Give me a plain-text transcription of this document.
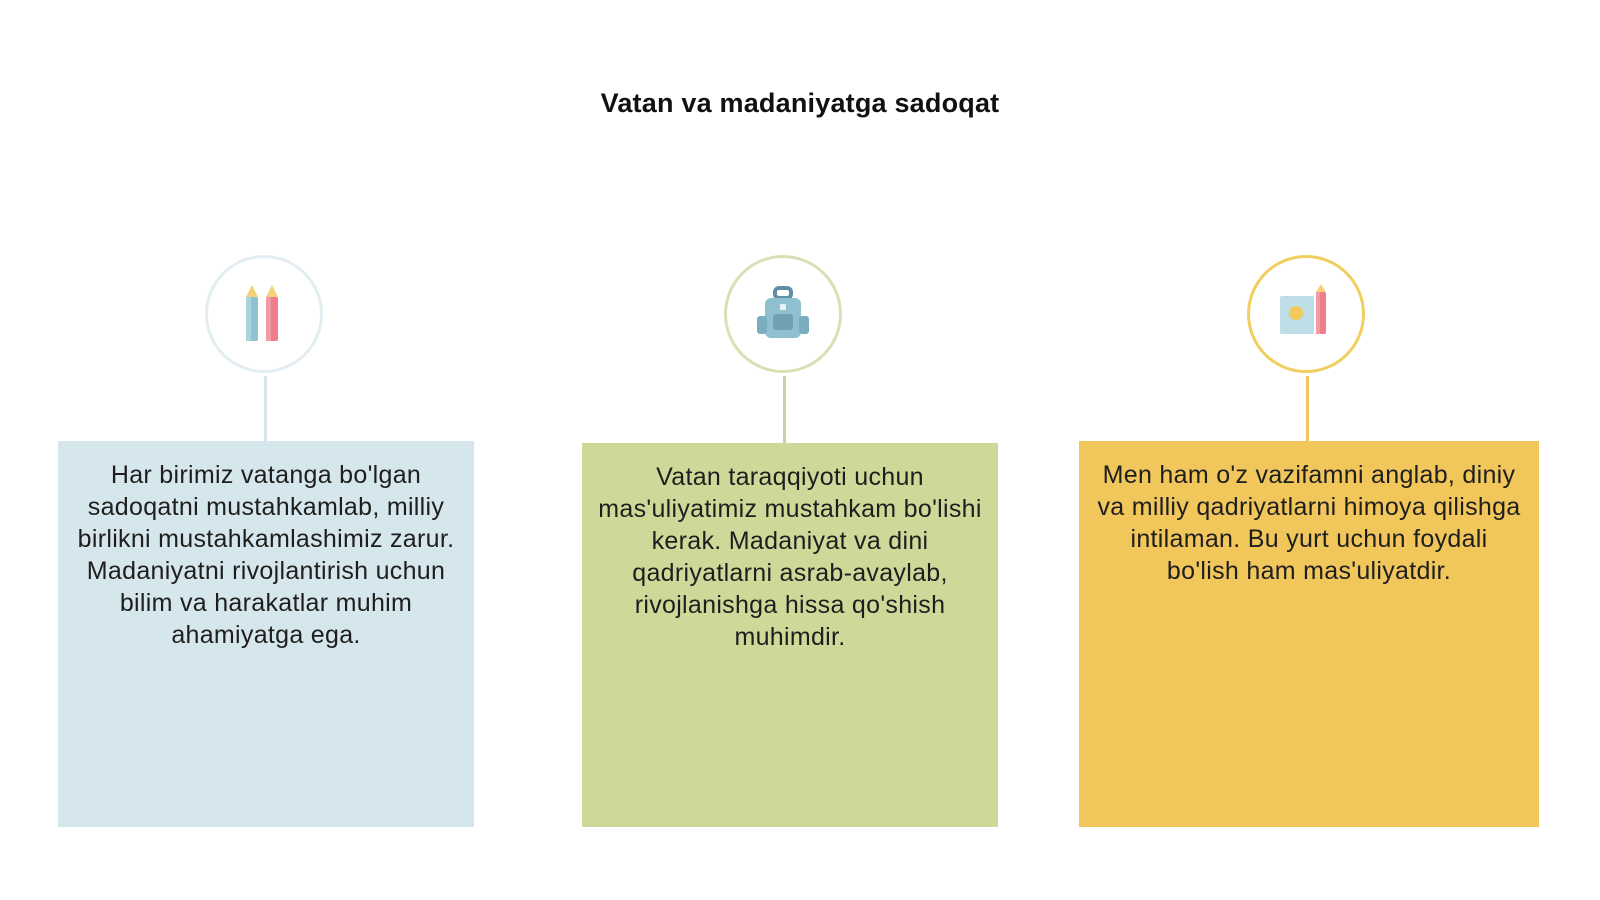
Vatan va madaniyatga sadoqat
Har birimiz vatanga bo'lgan sadoqatni mustahkamlab, milliy birlikni mustahkamlashimiz zarur. Madaniyatni rivojlantirish uchun bilim va harakatlar muhim ahamiyatga ega.
Vatan taraqqiyoti uchun mas'uliyatimiz mustahkam bo'lishi kerak. Madaniyat va dini qadriyatlarni asrab-avaylab, rivojlanishga hissa qo'shish muhimdir.
Men ham o'z vazifamni anglab, diniy va milliy qadriyatlarni himoya qilishga intilaman. Bu yurt uchun foydali bo'lish ham mas'uliyatdir.
